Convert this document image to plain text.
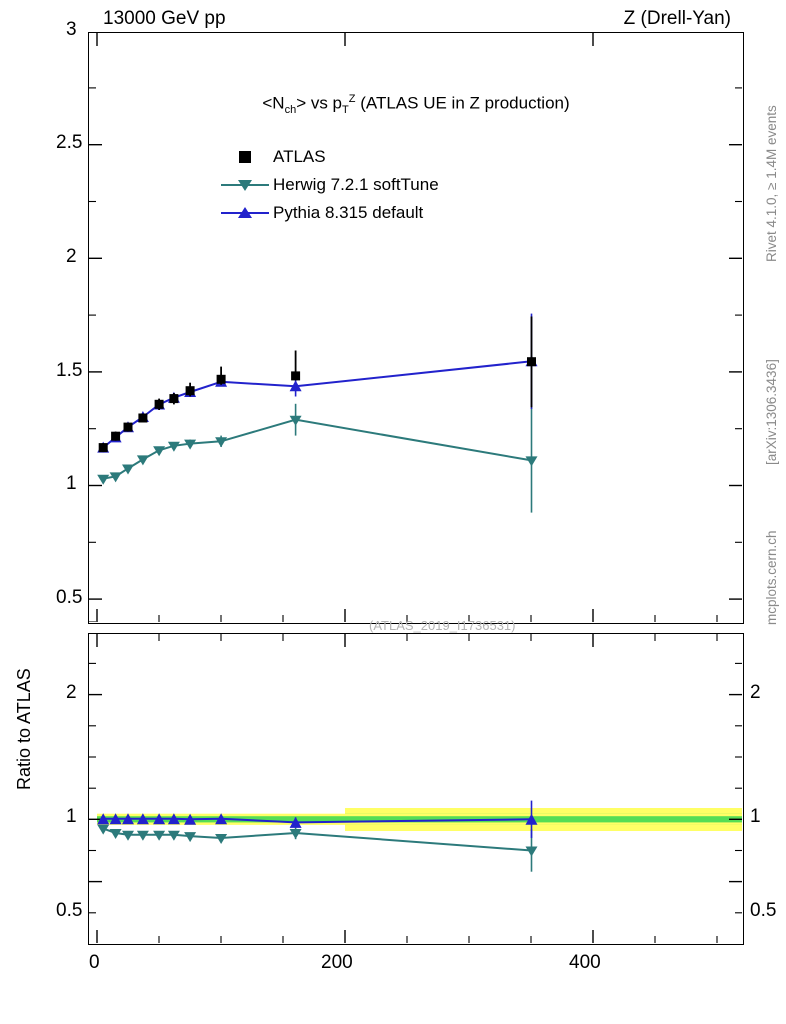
13000 GeV pp	Z (Drell-Yan)
Rivet 4.1.0, ≥ 1.4M events
[arXiv:1306.3436]
mcplots.cern.ch
$<N_{ch}>$ vs $p_T^Z$ (ATLAS UE in Z production)
(ATLAS_2019_I1736531)
ATLAS
Herwig 7.2.1 softTune
Pythia 8.315 default
0.5
1
1.5
2
2.5
3
0.5
1
2
0.5
1
2
0	200	400
Ratio to ATLAS
